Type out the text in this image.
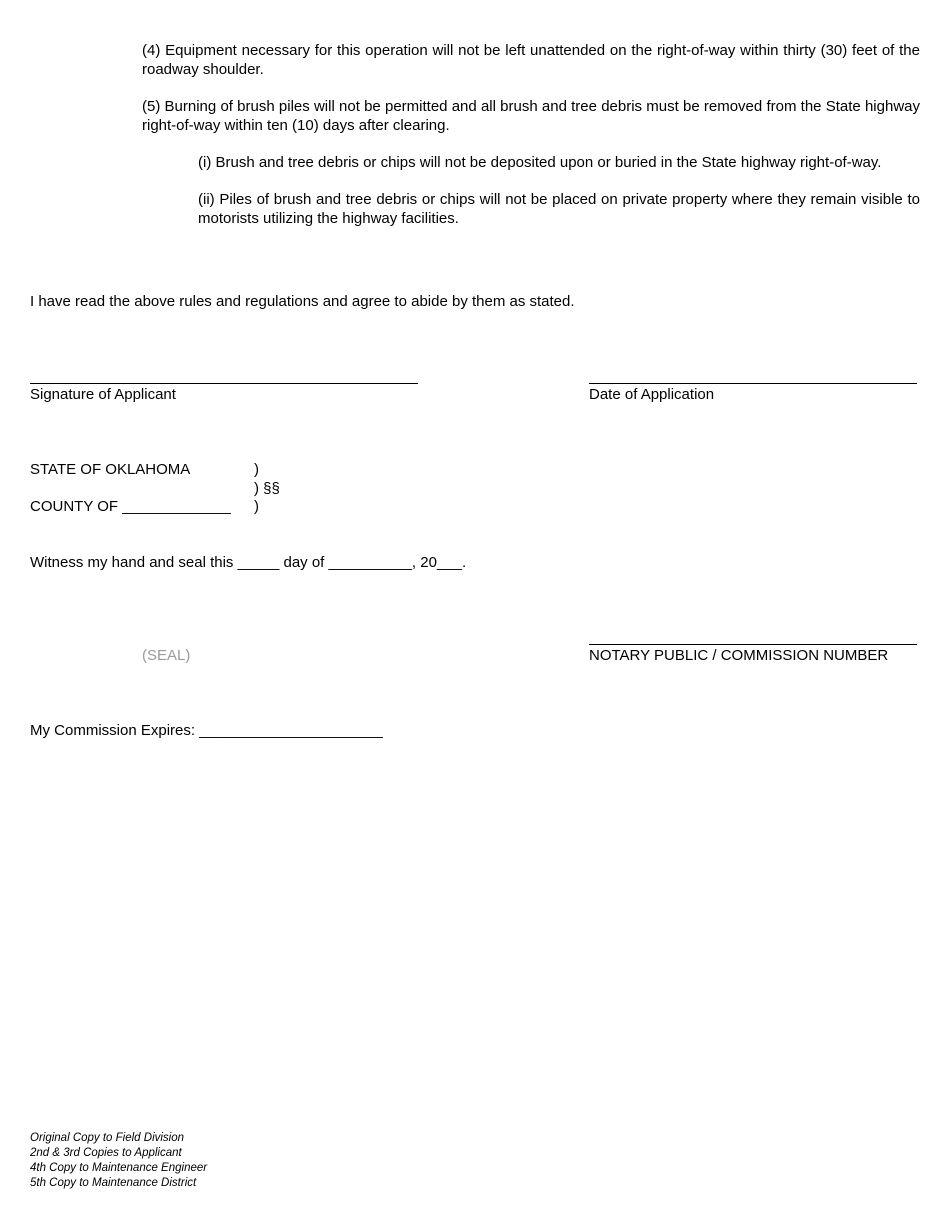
(4) Equipment necessary for this operation will not be left unattended on the right-of-way within thirty (30) feet of the roadway shoulder.
(5) Burning of brush piles will not be permitted and all brush and tree debris must be removed from the State highway right-of-way within ten (10) days after clearing.
(i) Brush and tree debris or chips will not be deposited upon or buried in the State highway right-of-way.
(ii) Piles of brush and tree debris or chips will not be placed on private property where they remain visible to motorists utilizing the highway facilities.
I have read the above rules and regulations and agree to abide by them as stated.
Signature of Applicant	Date of Application
STATE OF OKLAHOMA
COUNTY OF _____________
)
) §§
)
Witness my hand and seal this _____ day of __________, 20___.
(SEAL)	NOTARY PUBLIC / COMMISSION NUMBER
My Commission Expires: ______________________
Original Copy to Field Division
2nd & 3rd Copies to Applicant
4th Copy to Maintenance Engineer
5th Copy to Maintenance District
